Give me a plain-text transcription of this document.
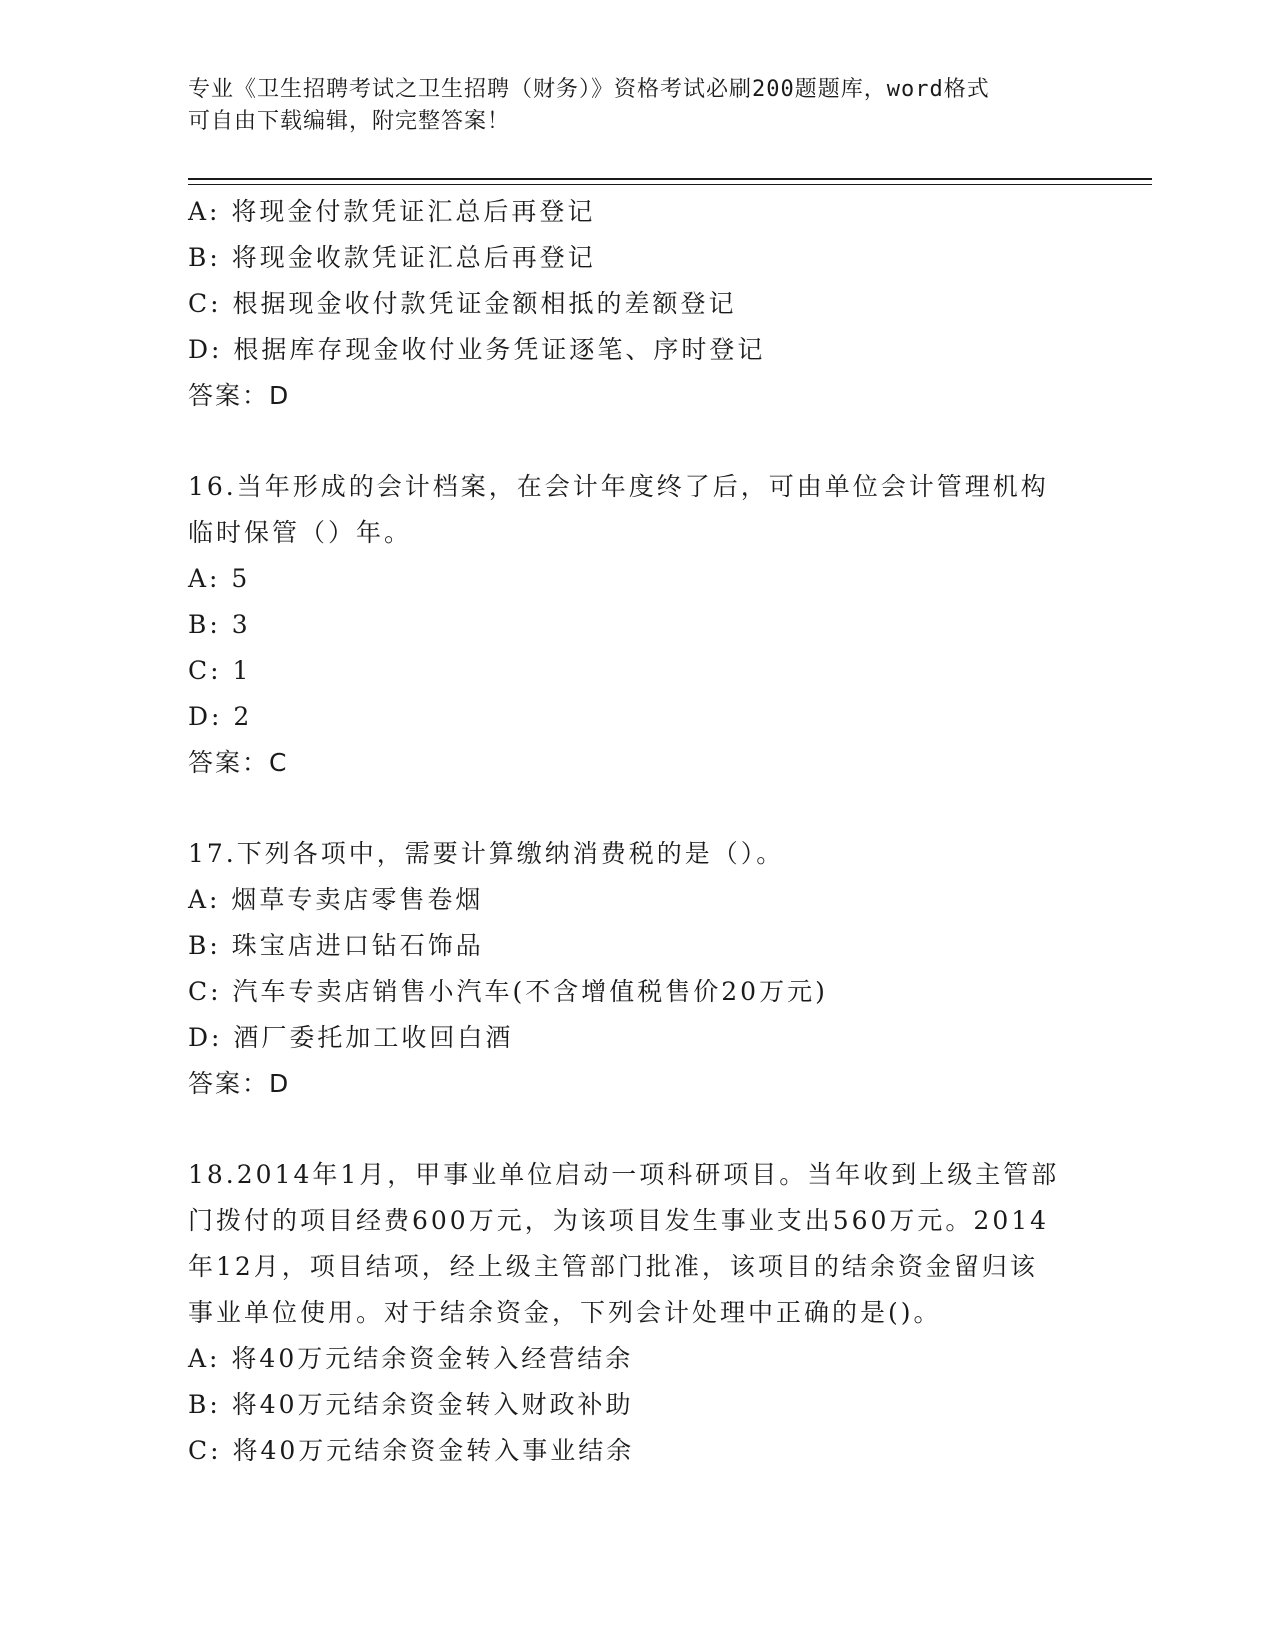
专业《卫生招聘考试之卫生招聘（财务）》资格考试必刷200题题库，word格式
可自由下载编辑，附完整答案！
A: 将现金付款凭证汇总后再登记
B: 将现金收款凭证汇总后再登记
C: 根据现金收付款凭证金额相抵的差额登记
D: 根据库存现金收付业务凭证逐笔、序时登记
答案：D
16.当年形成的会计档案，在会计年度终了后，可由单位会计管理机构
临时保管（）年。
A: 5
B: 3
C: 1
D: 2
答案：C
17.下列各项中，需要计算缴纳消费税的是（）。
A: 烟草专卖店零售卷烟
B: 珠宝店进口钻石饰品
C: 汽车专卖店销售小汽车(不含增值税售价20万元)
D: 酒厂委托加工收回白酒
答案：D
18.2014年1月，甲事业单位启动一项科研项目。当年收到上级主管部
门拨付的项目经费600万元，为该项目发生事业支出560万元。2014
年12月，项目结项，经上级主管部门批准，该项目的结余资金留归该
事业单位使用。对于结余资金，下列会计处理中正确的是()。
A: 将40万元结余资金转入经营结余
B: 将40万元结余资金转入财政补助
C: 将40万元结余资金转入事业结余
